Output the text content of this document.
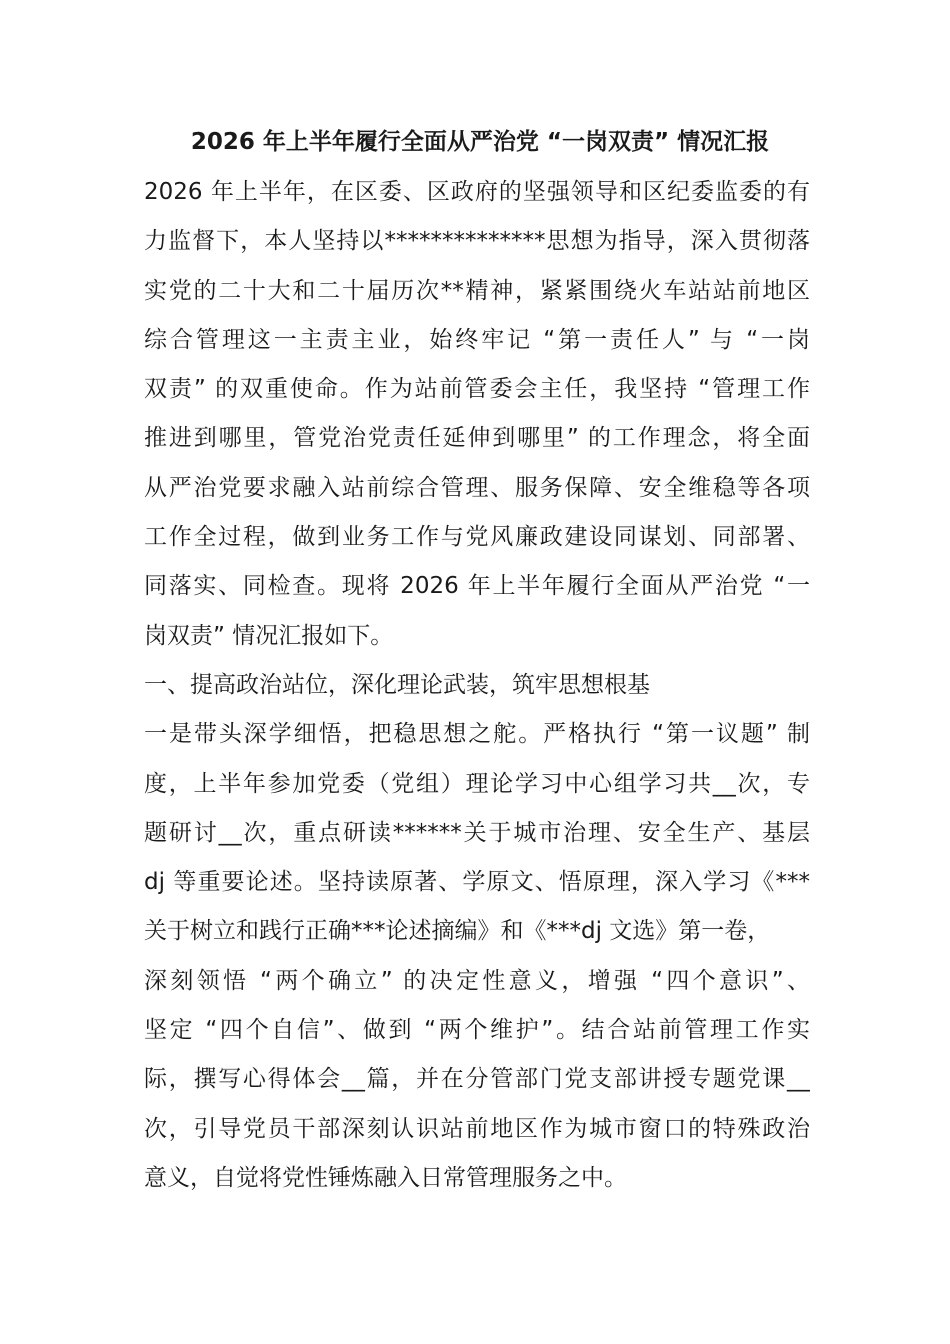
2026 年上半年履行全面从严治党 “一岗双责” 情况汇报
2026 年上半年，在区委、区政府的坚强领导和区纪委监委的有
力监督下，本人坚持以**************思想为指导，深入贯彻落
实党的二十大和二十届历次**精神，紧紧围绕火车站站前地区
综合管理这一主责主业，始终牢记 “第一责任人” 与 “一岗
双责” 的双重使命。作为站前管委会主任，我坚持 “管理工作
推进到哪里，管党治党责任延伸到哪里” 的工作理念，将全面
从严治党要求融入站前综合管理、服务保障、安全维稳等各项
工作全过程，做到业务工作与党风廉政建设同谋划、同部署、
同落实、同检查。现将 2026 年上半年履行全面从严治党 “一
岗双责” 情况汇报如下。
一、提高政治站位，深化理论武装，筑牢思想根基
一是带头深学细悟，把稳思想之舵。严格执行 “第一议题” 制
度，上半年参加党委（党组）理论学习中心组学习共__次，专
题研讨__次，重点研读******关于城市治理、安全生产、基层
dj 等重要论述。坚持读原著、学原文、悟原理，深入学习《***
关于树立和践行正确***论述摘编》和《***dj 文选》第一卷，
深刻领悟 “两个确立” 的决定性意义，增强 “四个意识”、
坚定 “四个自信”、做到 “两个维护”。结合站前管理工作实
际，撰写心得体会__篇，并在分管部门党支部讲授专题党课__
次，引导党员干部深刻认识站前地区作为城市窗口的特殊政治
意义，自觉将党性锤炼融入日常管理服务之中。
